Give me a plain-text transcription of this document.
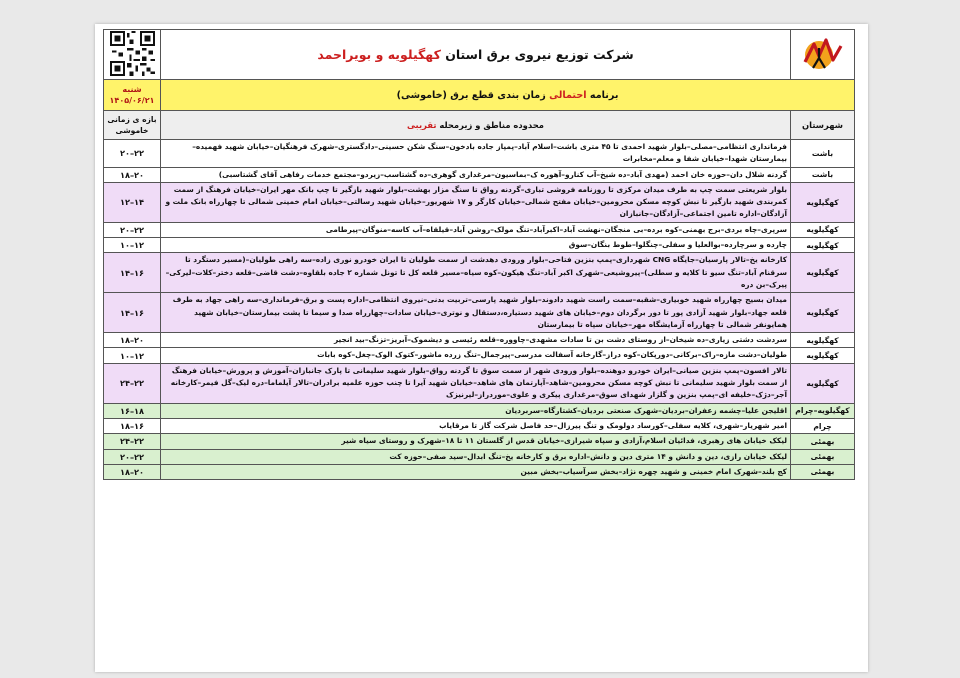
	شرکت توزیع نیروی برق استان کهگیلویه و بویراحمد	
برنامه احتمالی زمان بندی قطع برق (خاموشی)		شنبه
۱۴۰۵/۰۶/۲۱

شهرستان	محدوده مناطق و زیرمحله تقریبی	بازه ی زمانی خاموشی
باشت	فرمانداری انتظامی–مصلی–بلوار شهید احمدی تا ۴۵ متری باشت–اسلام آباد–پمپاز جاده بادخون–سنگ شکن حسینی–دادگستری–شهرک فرهنگیان–خیابان شهید فهمیده–بیمارستان شهدا–خیابان شفا و معلم–مخابرات	۲۲–۲۰
باشت	گردنه شلال دان–حوزه خان احمد (مهدی آباد–ده شیخ–آب کنارو–آهوره ک–بماسیون–مرغداری گوهری–ده گشتاسب–زیردو–مجتمع خدمات رفاهی آقای گشتاسبی)	۲۰–۱۸
کهگیلویه	بلوار شریعتی سمت چپ به طرف میدان مرکزی تا روزنامه فروشی تباری–گردنه رواق تا سنگ مزار بهشت–بلوار شهید بازگیر تا چپ بانک مهر ایران–خیابان فرهنگ از سمت کمربندی شهید بازگیر تا نبش کوچه مسکن محرومین–خیابان مفتح شمالی–خیابان کارگر و ۱۷ شهریور–خیابان شهید رسالتی–خیابان امام خمینی شمالی تا چهارراه بانک ملت و آزادگان–اداره تامین اجتماعی–آزادگان–جانبازان	۱۴–۱۲
کهگیلویه	سرپری–چاه بردی–برج بهمنی–کوه برده–بی منجگان–نهشت آباد–اکبرآباد–تنگ مولک–روشن آباد–قیلقاه–آب کاسه–منوگان–پیرطامی	۲۲–۲۰
کهگیلویه	چارده و سرچارده–بوالعلیا و سفلی–چنگلوا–طوط بنگان–سوق	۱۲–۱۰
کهگیلویه	کارخانه یخ–تالار پارسیان–جایگاه CNG شهرداری–پمپ بنزین فتاحی–بلوار ورودی دهدشت از سمت طولیان تا ایران خودرو نوری زاده–سه راهی طولیان–(مسیر دستگرد تا سرقنام آباد–تنگ سیو تا کلایه و سطلی)–پیروشیعی–شهرک اکبر آباد–تنگ هیکون–کوه سیاه–مسیر قلعه کل تا تونل شماره ۲ جاده بلقاوه–دشت قاضی–قلعه دختر–کلات–لیرکی–پیرک–بن دره	۱۶–۱۴
کهگیلویه	میدان بسیج چهارراه شهید خوبیاری–شقبه–سمت راست شهید دادوند–بلوار شهید پارسی–تربیت بدنی–نیروی انتظامی–اداره پست و برق–فرمانداری–سه راهی جهاد به طرف قلعه جهاد–بلوار شهید آزادی پور تا دور برگردان دوم–خیابان های شهید دستیاره،دستقال و نوتری–خیابان سادات–چهارراه صدا و سیما تا پشت بیمارستان–خیابان شهید همایونفر شمالی تا چهارراه آزمایشگاه مهر–خیابان سپاه تا بیمارستان	۱۶–۱۴
کهگیلویه	سردشت دشتی زیاری–ده شیخان–از روستای دشت بن تا سادات مشهدی–چاووره–قلعه رئیسی و دیشموک–آبریز–تزنگ–بید انجیر	۲۰–۱۸
کهگیلویه	طولیان–دشت مازه–راک–برکانی–دورپکان–کوه دراز–گارخانه آسفالت مدرسی–پیرجمال–تنگ زرده ماشور–کتوک الوک–چغل–کوه بابات	۱۲–۱۰
کهگیلویه	تالار افسون–پمپ بنزین صیانی–ایران خودرو دوهنده–بلوار ورودی شهر از سمت سوق تا گردنه رواق–بلوار شهید سلیمانی تا پارک جانبازان–آموزش و پرورش–خیابان فرهنگ از سمت بلوار شهید سلیمانی تا نبش کوچه مسکن محرومین–شاهد–آپارتمان های شاهد–خیابان شهید آیرا تا چنب حوزه علمیه برادران–تالار آیلماما–دره لیک–گل فیمر–کارخانه آجر–دژک–خلیفه ای–پمپ بنزین و گلزار شهدای سوق–مرغداری پیکری و علوی–موردراز–لیرنیزک	۲۲–۲۴
کهگیلویه–چرام	اقلیجن علیا–چشمه زعفران–بردیان–شهرک صنعتی بردیان–کشتارگاه–سربردیان	۱۸–۱۶
چرام	امیر شهریار–شهری، کلایه سفلی–کورساد دولومک و تنگ پیرزال–حد فاصل شرکت گاز تا مرقایاب	۱۶–۱۸
بهمئی	لیکک خیابان های رهبری، فدائیان اسلام،آزادی و سپاه شیرازی–خیابان قدس از گلستان ۱۱ تا ۱۸–شهرک و روستای سیاه شیر	۲۲–۲۴
بهمئی	لیکک خیابان رازی، دین و دانش و ۱۴ متری دین و دانش–اداره برق و کارخانه یخ–تنگ ابدال–سید صفی–حوزه کت	۲۲–۲۰
بهمئی	کج بلند–شهرک امام خمینی و شهید چهره نژاد–بخش سرآسیاب–بخش مبین	۲۰–۱۸
